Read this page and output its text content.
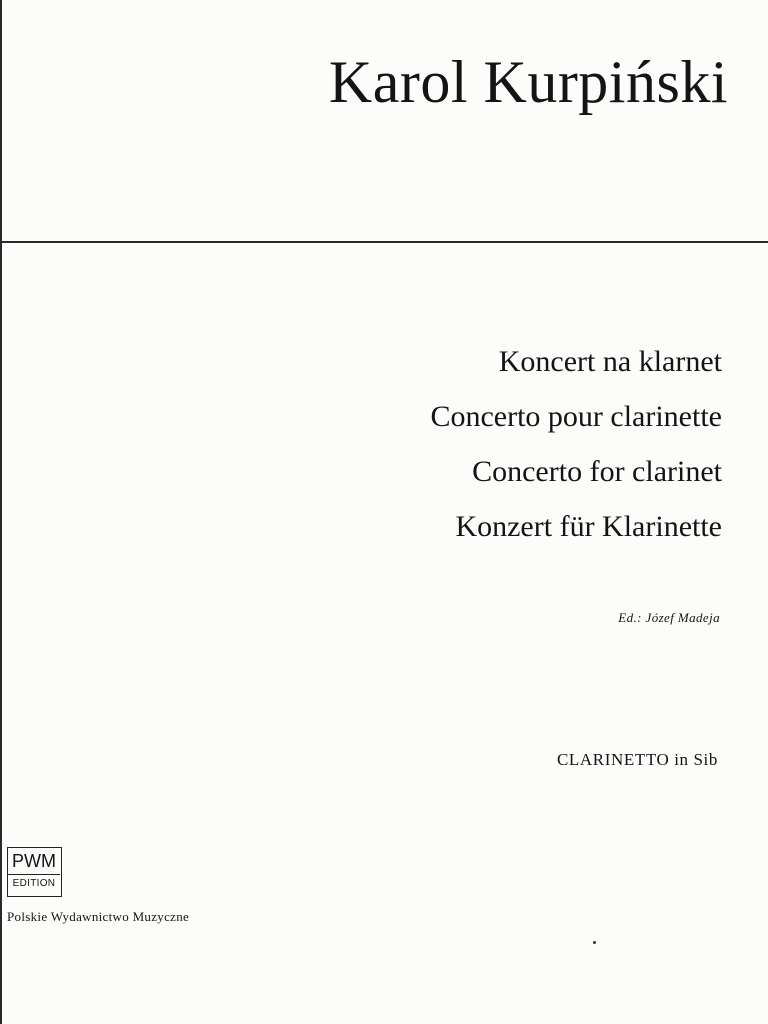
Karol Kurpiński
Koncert na klarnet
Concerto pour clarinette
Concerto for clarinet
Konzert für Klarinette
Ed.: Józef Madeja
CLARINETTO in Sib
PWM
EDITION
Polskie Wydawnictwo Muzyczne
